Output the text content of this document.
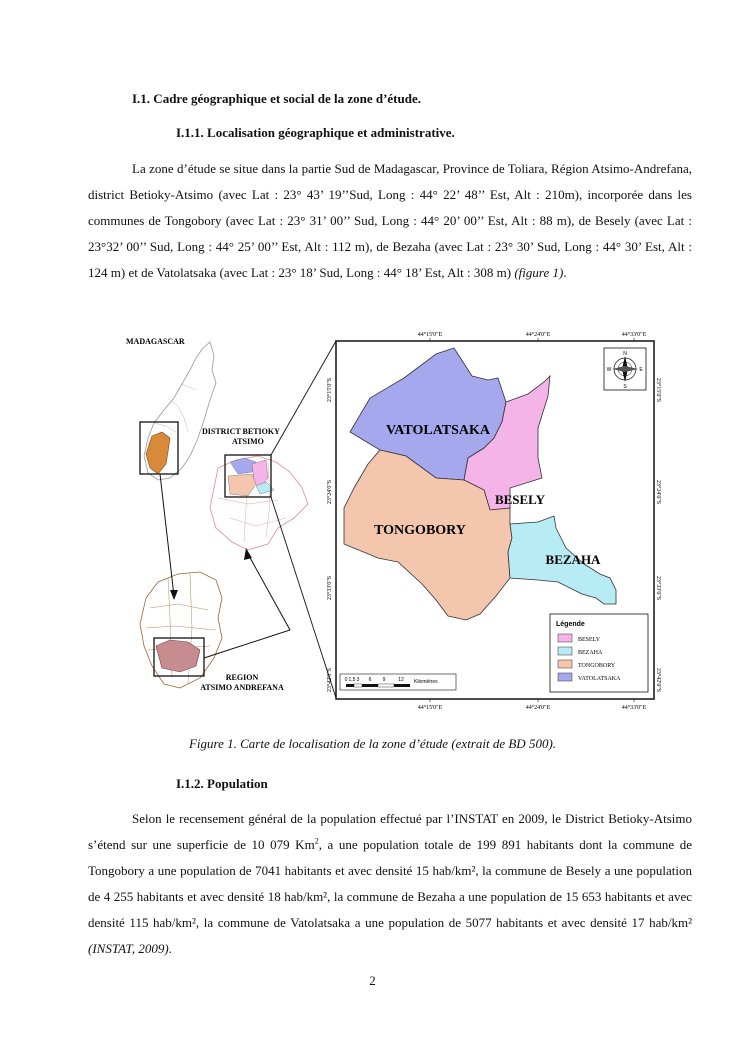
I.1. Cadre géographique et social de la zone d’étude.
I.1.1. Localisation géographique et administrative.

La zone d’étude se situe dans la partie Sud de Madagascar, Province de Toliara, Région Atsimo-Andrefana, district Betioky-Atsimo (avec Lat : 23° 43’ 19’’Sud, Long : 44° 22’ 48’’ Est, Alt : 210m), incorporée dans les communes de Tongobory (avec Lat : 23° 31’ 00’’ Sud, Long : 44° 20’ 00’’ Est, Alt : 88 m), de Besely (avec Lat : 23°32’ 00’’ Sud, Long : 44° 25’ 00’’ Est, Alt : 112 m), de Bezaha (avec Lat : 23° 30’ Sud, Long : 44° 30’ Est, Alt : 124 m) et de Vatolatsaka (avec Lat : 23° 18’ Sud, Long : 44° 18’ Est, Alt : 308 m) (figure 1).

MADAGASCAR
DISTRICT BETIOKY
ATSIMO
REGION
ATSIMO ANDREFANA
VATOLATSAKA
BESELY
TONGOBORY
BEZAHA
N
S
W	E
Légende
BESELY
BEZAHA
TONGOBORY
VATOLATSAKA
0 1,5 3 6 9	12 Kilomètres
44°15'0"E	44°24'0"E	44°33'0"E
44°15'0"E	44°24'0"E	44°33'0"E
23°15'0"S
23°24'0"S
23°33'0"S
23°42'0"S
23°15'0"S
23°24'0"S
23°33'0"S
23°42'0"S
Figure 1. Carte de localisation de la zone d’étude (extrait de BD 500).
I.1.2. Population

Selon le recensement général de la population effectué par l’INSTAT en 2009, le District Betioky-Atsimo s’étend sur une superficie de 10 079 Km$^2$, a une population totale de 199 891 habitants dont la commune de Tongobory a une population de 7041 habitants et avec densité 15 hab/km², la commune de Besely a une population de 4 255 habitants et avec densité 18 hab/km², la commune de Bezaha a une population de 15 653 habitants et avec densité 115 hab/km², la commune de Vatolatsaka a une population de 5077 habitants et avec densité 17 hab/km² (INSTAT, 2009).

2
